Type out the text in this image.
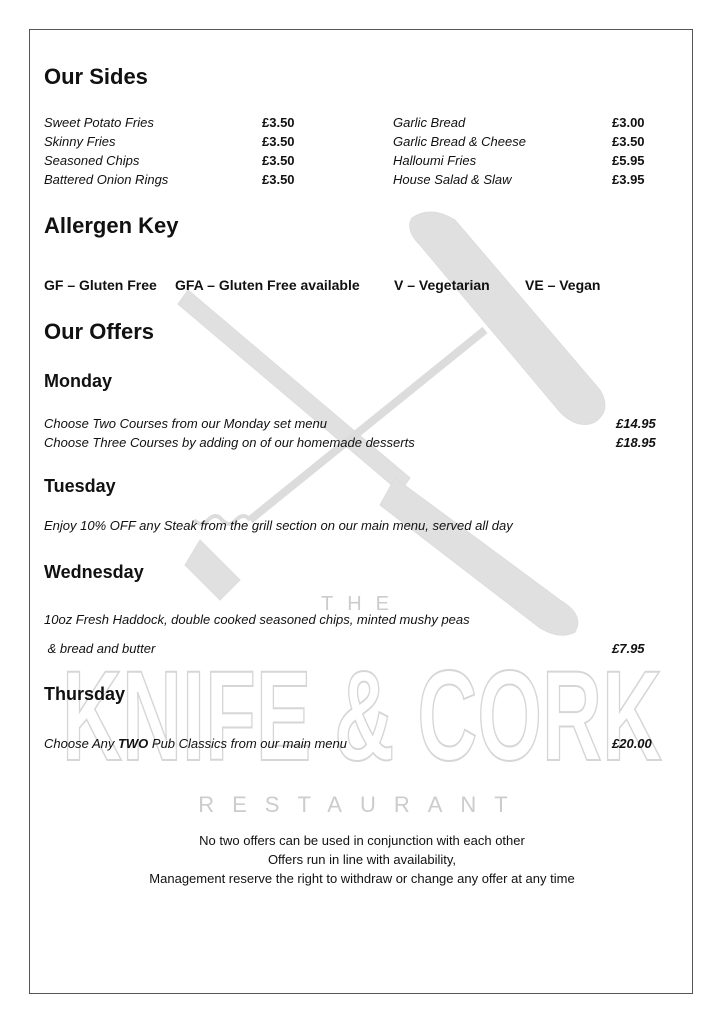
THE
KNIFE & CORK
RESTAURANT
Our Sides
Sweet Potato Fries	£3.50
Skinny Fries	£3.50
Seasoned Chips	£3.50
Battered Onion Rings	£3.50
Garlic Bread	£3.00
Garlic Bread & Cheese	£3.50
Halloumi Fries	£5.95
House Salad & Slaw	£3.95
Allergen Key
GF – Gluten Free GFA – Gluten Free available V – Vegetarian	VE – Vegan
Our Offers
Monday
Choose Two Courses from our Monday set menu	£14.95
Choose Three Courses by adding on of our homemade desserts	£18.95
Tuesday
Enjoy 10% OFF any Steak from the grill section on our main menu, served all day
Wednesday
10oz Fresh Haddock, double cooked seasoned chips, minted mushy peas
& bread and butter	£7.95
Thursday
Choose Any TWO Pub Classics from our main menu	£20.00
No two offers can be used in conjunction with each other
Offers run in line with availability,
Management reserve the right to withdraw or change any offer at any time
